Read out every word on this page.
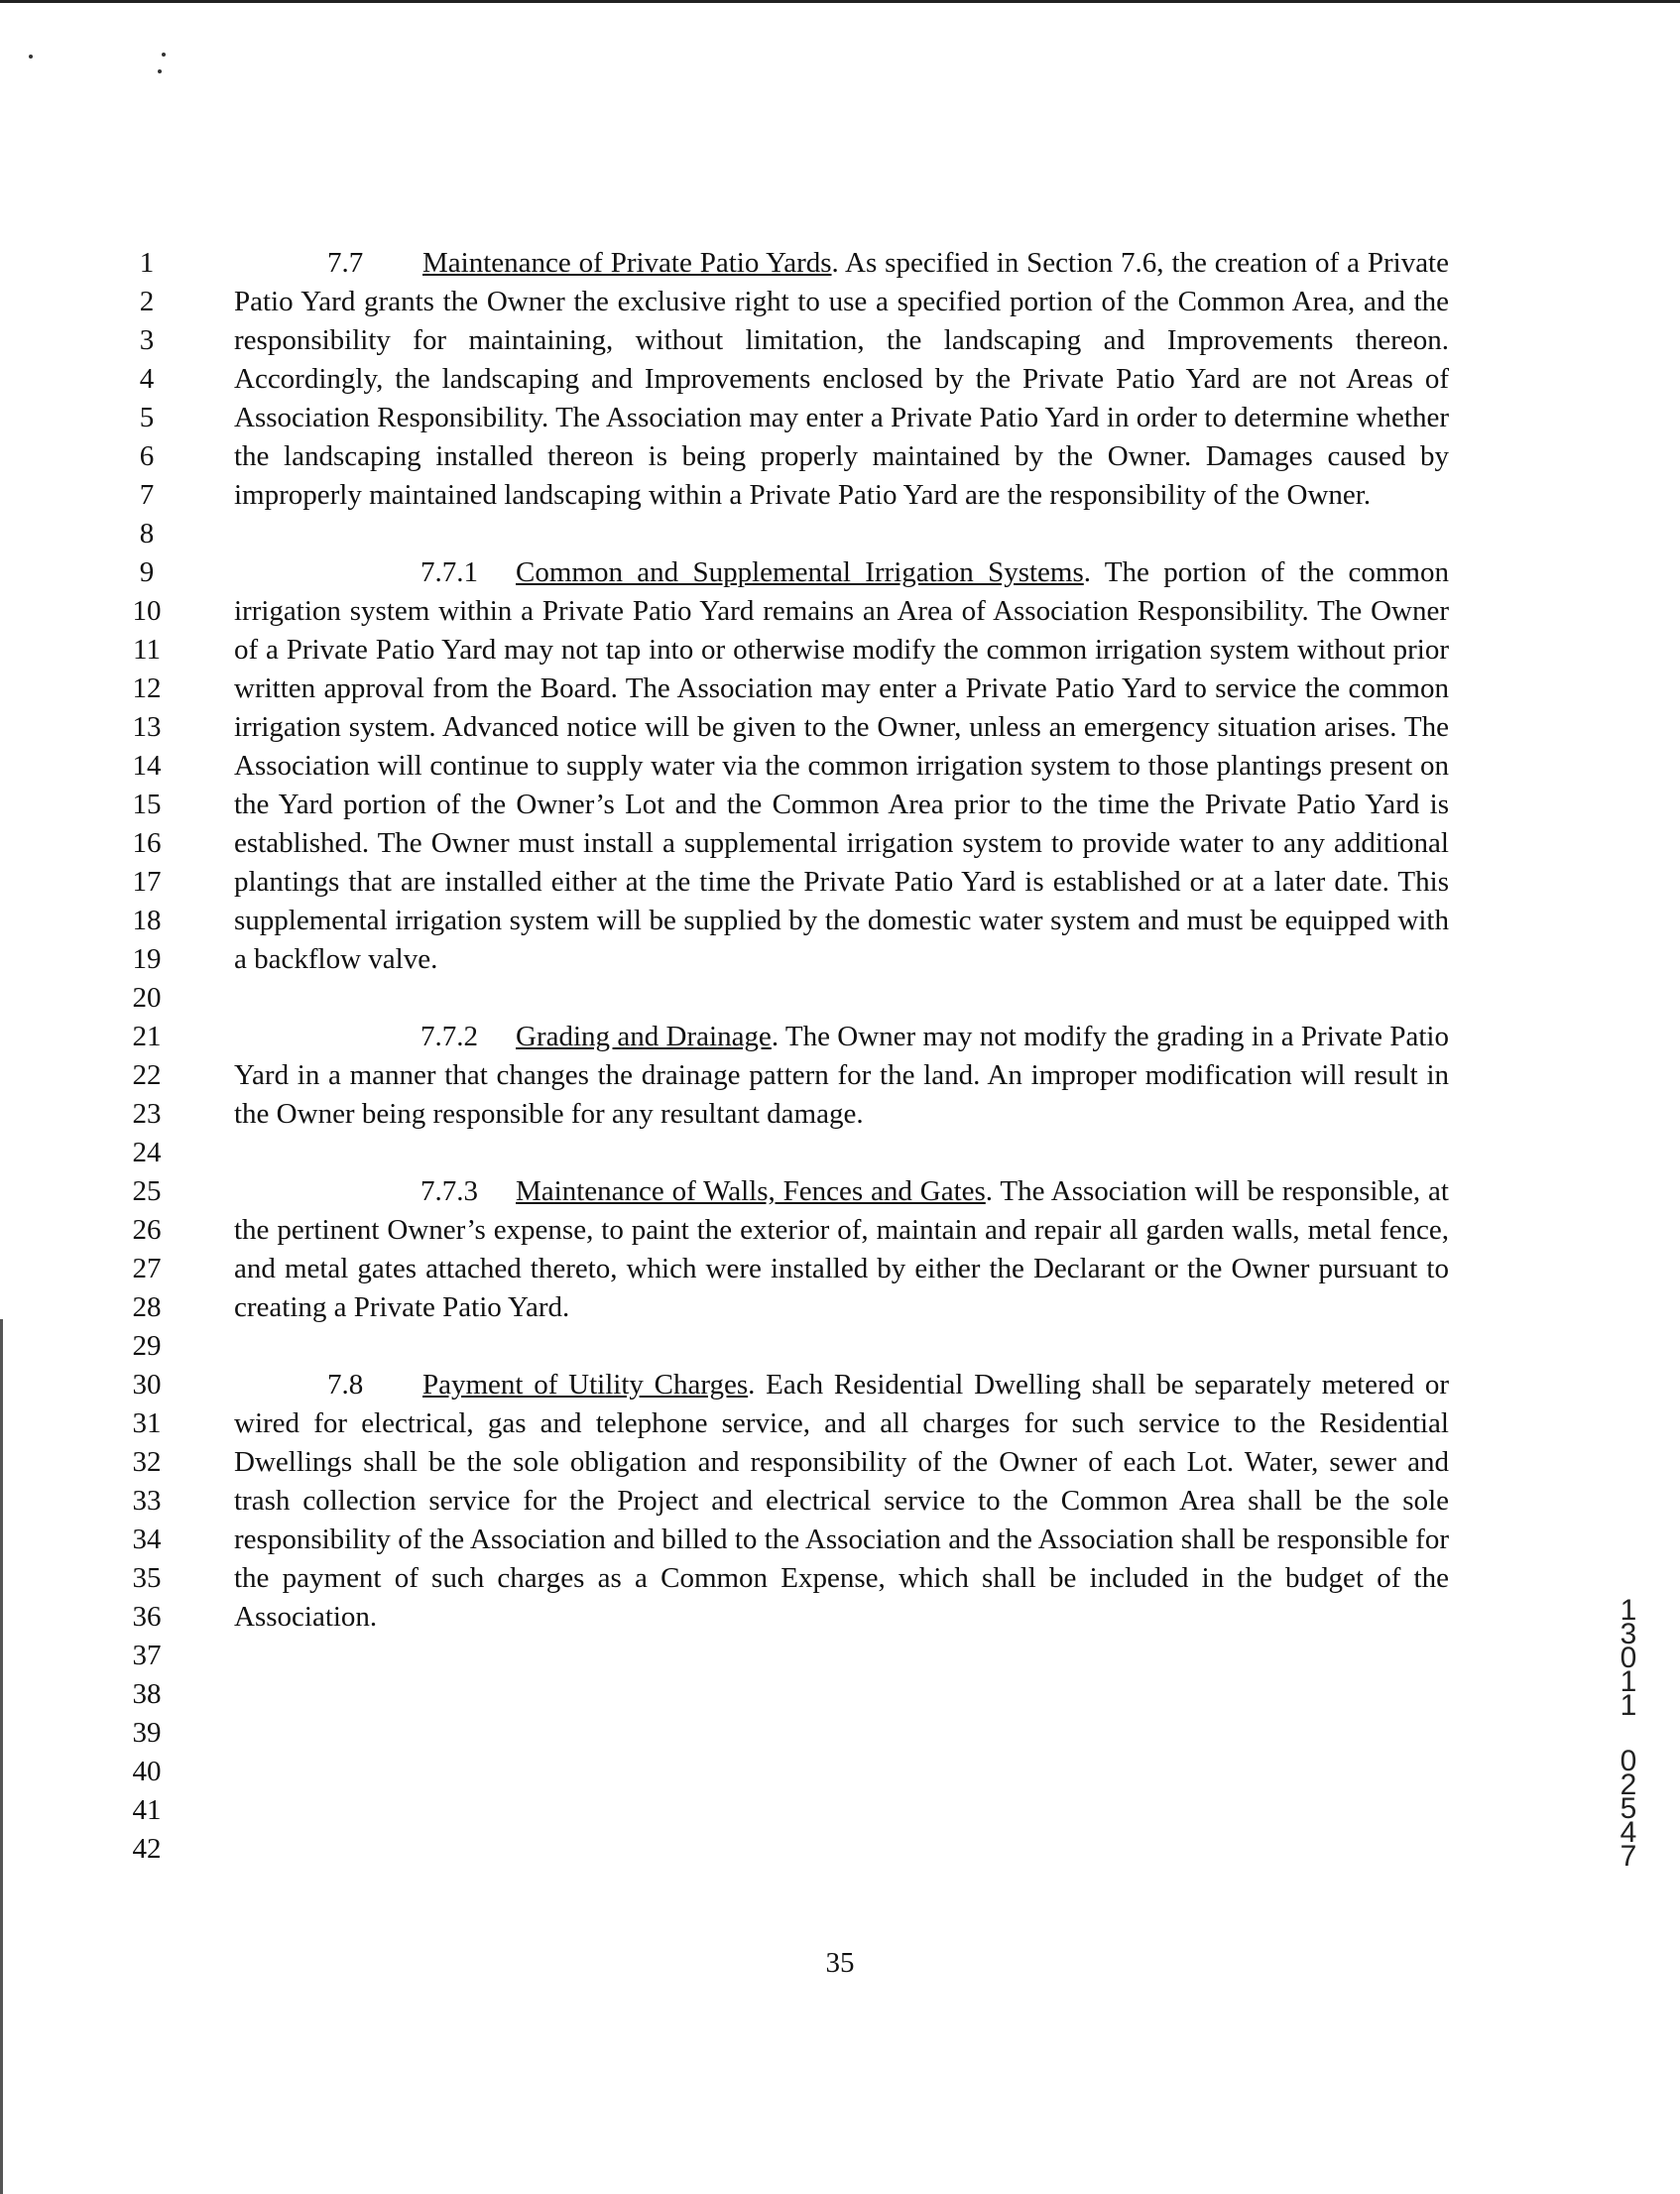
1
2
3
4
5
6
7
8
9
10
11
12
13
14
15
16
17
18
19
20
21
22
23
24
25
26
27
28
29
30
31
32
33
34
35
36
37
38
39
40
41
42

7.7 Maintenance of Private Patio Yards. As specified in Section 7.6, the creation of a Private Patio Yard grants the Owner the exclusive right to use a specified portion of the Common Area, and the responsibility for maintaining, without limitation, the landscaping and Improvements thereon. Accordingly, the landscaping and Improvements enclosed by the Private Patio Yard are not Areas of Association Responsibility. The Association may enter a Private Patio Yard in order to determine whether the landscaping installed thereon is being properly maintained by the Owner. Damages caused by improperly maintained landscaping within a Private Patio Yard are the responsibility of the Owner.

7.7.1 Common and Supplemental Irrigation Systems. The portion of the common irrigation system within a Private Patio Yard remains an Area of Association Responsibility. The Owner of a Private Patio Yard may not tap into or otherwise modify the common irrigation system without prior written approval from the Board. The Association may enter a Private Patio Yard to service the common irrigation system. Advanced notice will be given to the Owner, unless an emergency situation arises. The Association will continue to supply water via the common irrigation system to those plantings present on the Yard portion of the Owner’s Lot and the Common Area prior to the time the Private Patio Yard is established. The Owner must install a supplemental irrigation system to provide water to any additional plantings that are installed either at the time the Private Patio Yard is established or at a later date. This supplemental irrigation system will be supplied by the domestic water system and must be equipped with a backflow valve.

7.7.2 Grading and Drainage. The Owner may not modify the grading in a Private Patio Yard in a manner that changes the drainage pattern for the land. An improper modification will result in the Owner being responsible for any resultant damage.

7.7.3 Maintenance of Walls, Fences and Gates. The Association will be responsible, at the pertinent Owner’s expense, to paint the exterior of, maintain and repair all garden walls, metal fence, and metal gates attached thereto, which were installed by either the Declarant or the Owner pursuant to creating a Private Patio Yard.

7.8 Payment of Utility Charges. Each Residential Dwelling shall be separately metered or wired for electrical, gas and telephone service, and all charges for such service to the Residential Dwellings shall be the sole obligation and responsibility of the Owner of each Lot. Water, sewer and trash collection service for the Project and electrical service to the Common Area shall be the sole responsibility of the Association and billed to the Association and the Association shall be responsible for the payment of such charges as a Common Expense, which shall be included in the budget of the Association.

35
1
3
0
1
1
0
2
5
4
7
